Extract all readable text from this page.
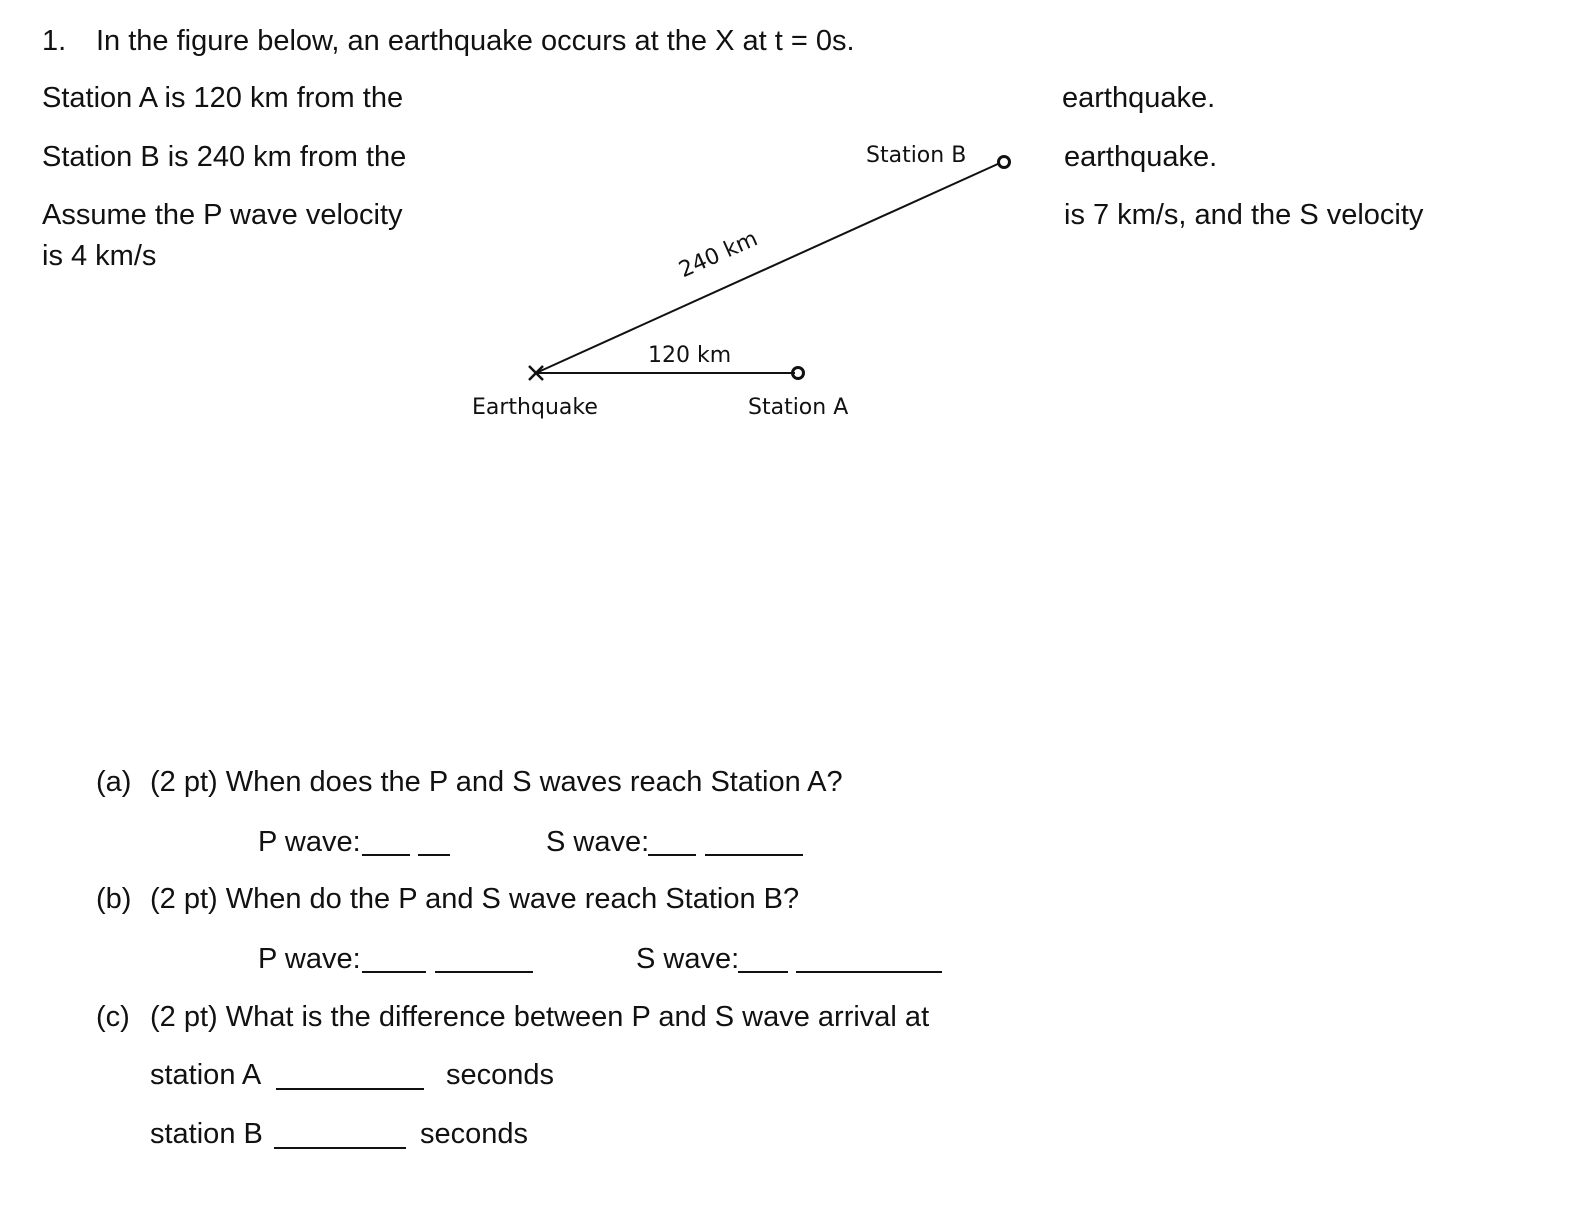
1. In the figure below, an earthquake occurs at the X at t = 0s.
Station A is 120 km from the	earthquake.
Station B is 240 km from the	earthquake.
Assume the P wave velocity	is 7 km/s, and the S velocity
is 4 km/s
Station B
240 km
120 km
Earthquake	Station A
(a) (2 pt) When does the P and S waves reach Station A?
P wave:	S wave:
(b) (2 pt) When do the P and S wave reach Station B?
P wave:	S wave:
(c) (2 pt) What is the difference between P and S wave arrival at
station A	seconds
station B	seconds
